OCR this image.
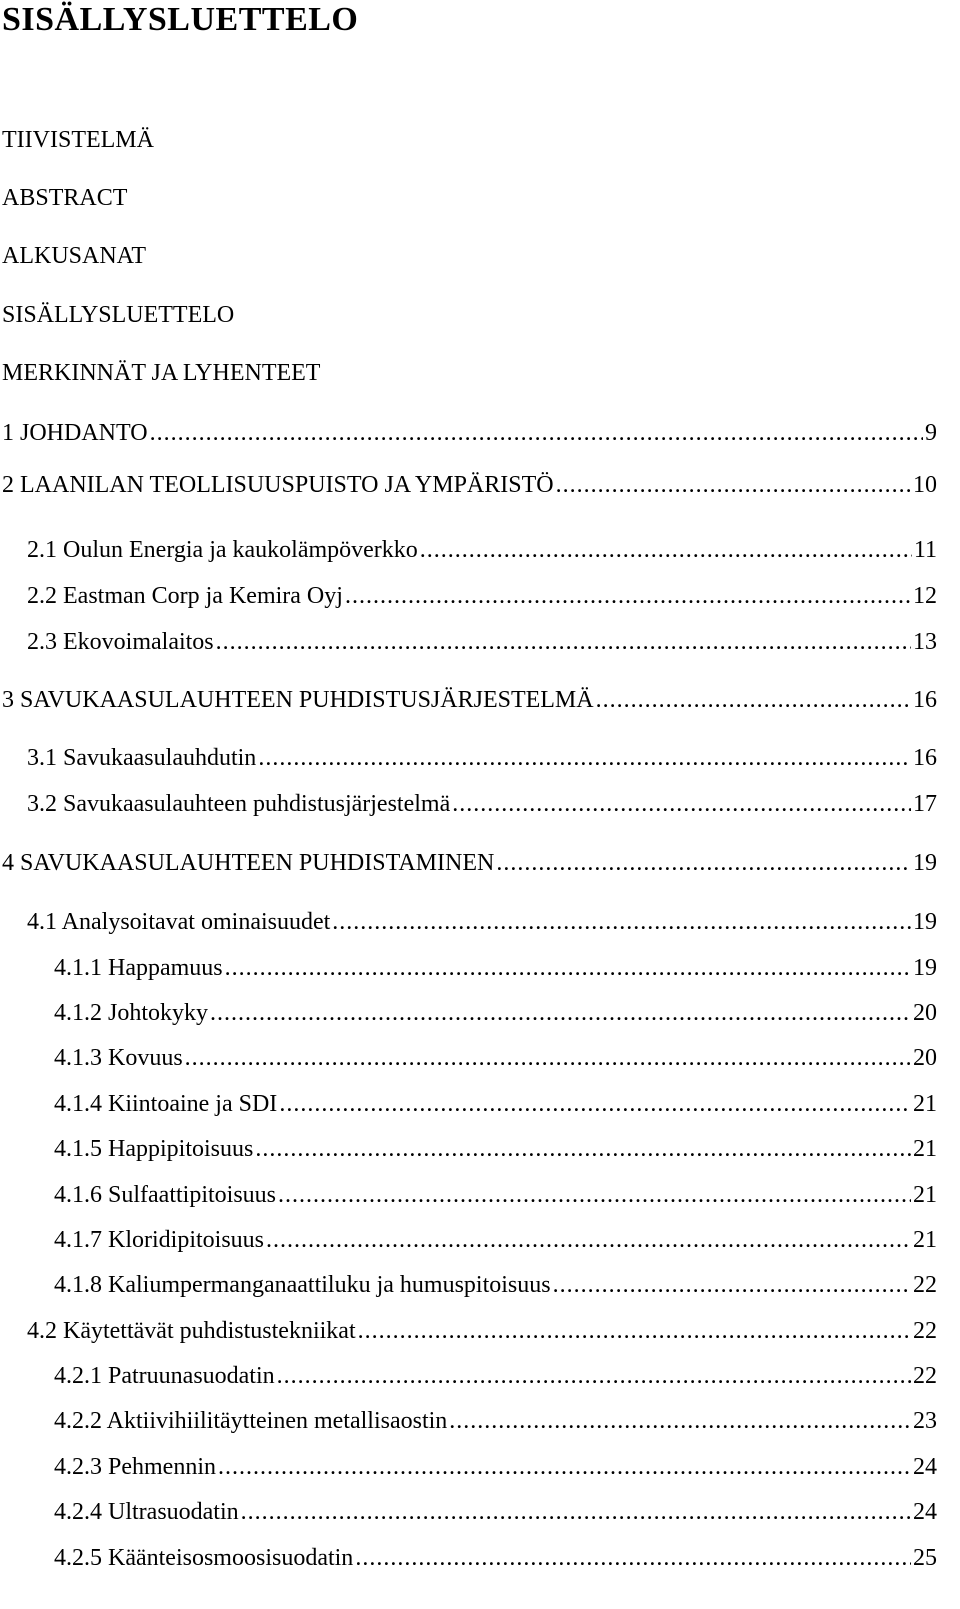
SISÄLLYSLUETTELO
TIIVISTELMÄ
ABSTRACT
ALKUSANAT
SISÄLLYSLUETTELO
MERKINNÄT JA LYHENTEET
1 JOHDANTO .....	9
2 LAANILAN TEOLLISUUSPUISTO JA YMPÄRISTÖ .....	10
2.1 Oulun Energia ja kaukolämpöverkko .....	11
2.2 Eastman Corp ja Kemira Oyj .....	12
2.3 Ekovoimalaitos .....	13
3 SAVUKAASULAUHTEEN PUHDISTUSJÄRJESTELMÄ .....	16
3.1 Savukaasulauhdutin .....	16
3.2 Savukaasulauhteen puhdistusjärjestelmä .....	17
4 SAVUKAASULAUHTEEN PUHDISTAMINEN .....	19
4.1 Analysoitavat ominaisuudet .....	19
4.1.1 Happamuus .....	19
4.1.2 Johtokyky .....	20
4.1.3 Kovuus .....	20
4.1.4 Kiintoaine ja SDI .....	21
4.1.5 Happipitoisuus .....	21
4.1.6 Sulfaattipitoisuus .....	21
4.1.7 Kloridipitoisuus .....	21
4.1.8 Kaliumpermanganaattiluku ja humuspitoisuus .....	22
4.2 Käytettävät puhdistustekniikat .....	22
4.2.1 Patruunasuodatin .....	22
4.2.2 Aktiivihiilitäytteinen metallisaostin .....	23
4.2.3 Pehmennin .....	24
4.2.4 Ultrasuodatin .....	24
4.2.5 Käänteisosmoosisuodatin .....	25
